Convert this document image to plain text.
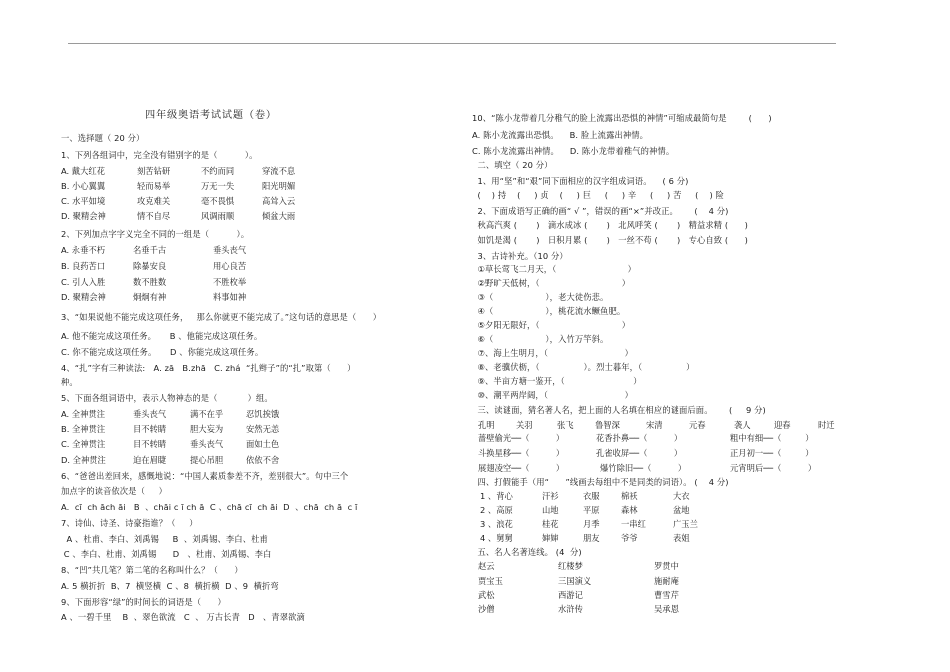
四年级奥语考试试题（卷）
一、选择题（ 20 分）
1、下列各组词中，完全没有错别字的是（          ）。
A. 戴大红花	刻苦钻研	不约而同	穿流不息
B. 小心翼翼	轻而易举	万无一失	阳光明媚
C. 水平如境	攻克难关	毫不畏惧	高耸入云
D. 聚精会神	情不自尽	风调雨顺	倾盆大雨
2、下列加点字字义完全不同的一组是（          ）。
A. 永垂不朽	名垂千古	垂头丧气
B. 良药苦口	除暴安良	用心良苦
C. 引人入胜	数不胜数	不胜枚举
D. 聚精会神	炯炯有神	料事如神
3、“如果说他不能完成这项任务，   那么你就更不能完成了。”这句话的意思是（      ）
A. 他不能完成这项任务。     B 、他能完成这项任务。
C. 你不能完成这项任务。     D 、你能完成这项任务。
4、“扎”字有三种读法:   A. zā   B.zhā   C. zhá  “扎辫子”的“扎”取第（      ）
种。
5、下面各组词语中，表示人物神态的是（           ）组。
A. 全神贯注	垂头丧气	满不在乎	忍饥挨饿
B. 全神贯注	目不转睛	胆大妄为	安然无恙
C. 全神贯注	目不转睛	垂头丧气	面如土色
D. 全神贯注	迫在眉睫	提心吊胆	依依不舍
6、“爸爸出差回来，感慨地说：“中国人素质参差不齐，差别很大”。句中三个
加点字的读音依次是（     ）
A.  cī  ch āch āi   B  、chāi c ī ch ā  C 、chā cī  ch āi  D  、chā  ch ā  c ī
7、诗仙、诗圣、诗豪指谁？（     ）
A 、杜甫、李白、刘禹锡     B  、刘禹锡、李白、杜甫
C 、李白、杜甫、刘禹锡      D   、杜甫、刘禹锡、李白
8、“凹”共几笔？第二笔的名称叫什么？（      ）
A. 5 横折折  B、7  横竖横  C 、8  横折横  D 、9  横折弯
9、下面形容“绿”的时间长的词语是（      ）
A 、一碧千里    B  、翠色欲流   C  、 万古长青   D   、青翠欲滴
10、“陈小龙带着几分稚气的脸上流露出恐惧的神情”可缩成最简句是        (      )
A. 陈小龙流露出恐惧。    B. 脸上流露出神情。
C. 陈小龙流露出神情。    D. 陈小龙带着稚气的神情。
二、填空（ 20 分）
1、用“坚”和“艰”同下面相应的汉字组成词语。    ( 6 分)
(    ) 持    (     ) 贞    (     ) 巨     (     ) 辛     (     ) 苦     (    ) 险
2、下面成语写正确的画“ √ ”，错误的画“×”并改正。      (    4 分)
秋高汽爽 (       )   滴水成冰 (       )   北风呼笑 (       )   精益求精 (      )
如饥是渴 (       )   日积月累 (       )   一丝不苟 (       )   专心自致 (      )
3、古诗补充。（10 分）
①草长莺飞二月天，（                          ）
②野旷天低树，（                              ）
③（                   ），老大徒伤悲。
④（                   ），桃花流水鳜鱼肥。
⑤夕阳无限好，（                              ）
⑥（                   ），入竹万竿斜。
⑦、海上生明月，（                            ）
⑧、老骥伏枥，（                ）。烈士暮年，（                ）
⑨、半亩方塘一鉴开，（                         ）
⑩、潮平两岸阔，（                            ）
三、读谜面，猜名著人名，把上面的人名填在相应的谜面后面。      (     9 分)
孔明	关羽	张飞	鲁智深	宋清	元春	袭人	迎春	时迁
蔷壁偷光──（          ）	花香扑鼻──（          ）	粗中有细──（         ）
斗换星移──（          ）	孔雀收屏──（          ）	正月初一──（         ）
展翅凌空──（          ）	爆竹除旧──（          ）	元宵明后──（          ）
四、打假能手（用“      ”线画去每组中不是同类的词语）。 (    4 分)
1 、背心	汗衫	衣服	棉袄	大衣
2 、高原	山地	平原	森林	盆地
3 、浪花	桂花	月季	一串红	广玉兰
4 、舅舅	婶婶	朋友	爷爷	表姐
五、名人名著连线。 (4  分)
赵云	红楼梦	罗贯中
贾宝玉	三国演义	施耐庵
武松	西游记	曹雪芹
沙僧	水浒传	吴承恩
